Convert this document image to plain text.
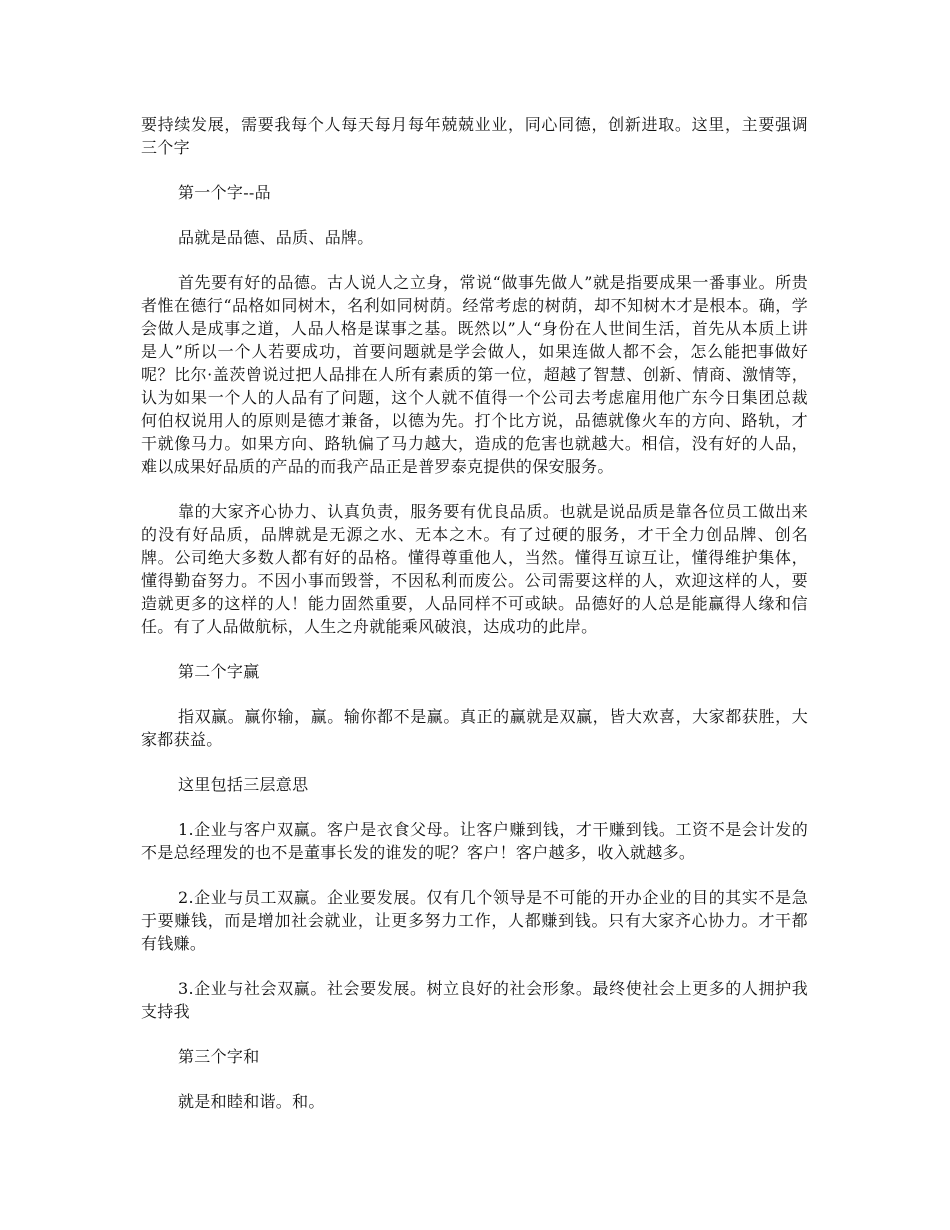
要持续发展，需要我每个人每天每月每年兢兢业业，同心同德，创新进取。这里，主要强调三个字

第一个字--品

品就是品德、品质、品牌。

首先要有好的品德。古人说人之立身，常说“做事先做人”就是指要成果一番事业。所贵者惟在德行“品格如同树木，名利如同树荫。经常考虑的树荫，却不知树木才是根本。确，学会做人是成事之道，人品人格是谋事之基。既然以”人“身份在人世间生活，首先从本质上讲是人”所以一个人若要成功，首要问题就是学会做人，如果连做人都不会，怎么能把事做好呢？比尔·盖茨曾说过把人品排在人所有素质的第一位，超越了智慧、创新、情商、激情等，认为如果一个人的人品有了问题，这个人就不值得一个公司去考虑雇用他广东今日集团总裁何伯权说用人的原则是德才兼备，以德为先。打个比方说，品德就像火车的方向、路轨，才干就像马力。如果方向、路轨偏了马力越大，造成的危害也就越大。相信，没有好的人品，难以成果好品质的产品的而我产品正是普罗泰克提供的保安服务。

靠的大家齐心协力、认真负责，服务要有优良品质。也就是说品质是靠各位员工做出来的没有好品质，品牌就是无源之水、无本之木。有了过硬的服务，才干全力创品牌、创名牌。公司绝大多数人都有好的品格。懂得尊重他人，当然。懂得互谅互让，懂得维护集体，懂得勤奋努力。不因小事而毁誉，不因私利而废公。公司需要这样的人，欢迎这样的人，要造就更多的这样的人！能力固然重要，人品同样不可或缺。品德好的人总是能赢得人缘和信任。有了人品做航标，人生之舟就能乘风破浪，达成功的此岸。

第二个字赢

指双赢。赢你输，赢。输你都不是赢。真正的赢就是双赢，皆大欢喜，大家都获胜，大家都获益。

这里包括三层意思

1.企业与客户双赢。客户是衣食父母。让客户赚到钱，才干赚到钱。工资不是会计发的不是总经理发的也不是董事长发的谁发的呢？客户！客户越多，收入就越多。

2.企业与员工双赢。企业要发展。仅有几个领导是不可能的开办企业的目的其实不是急于要赚钱，而是增加社会就业，让更多努力工作，人都赚到钱。只有大家齐心协力。才干都有钱赚。

3.企业与社会双赢。社会要发展。树立良好的社会形象。最终使社会上更多的人拥护我支持我

第三个字和

就是和睦和谐。和。
